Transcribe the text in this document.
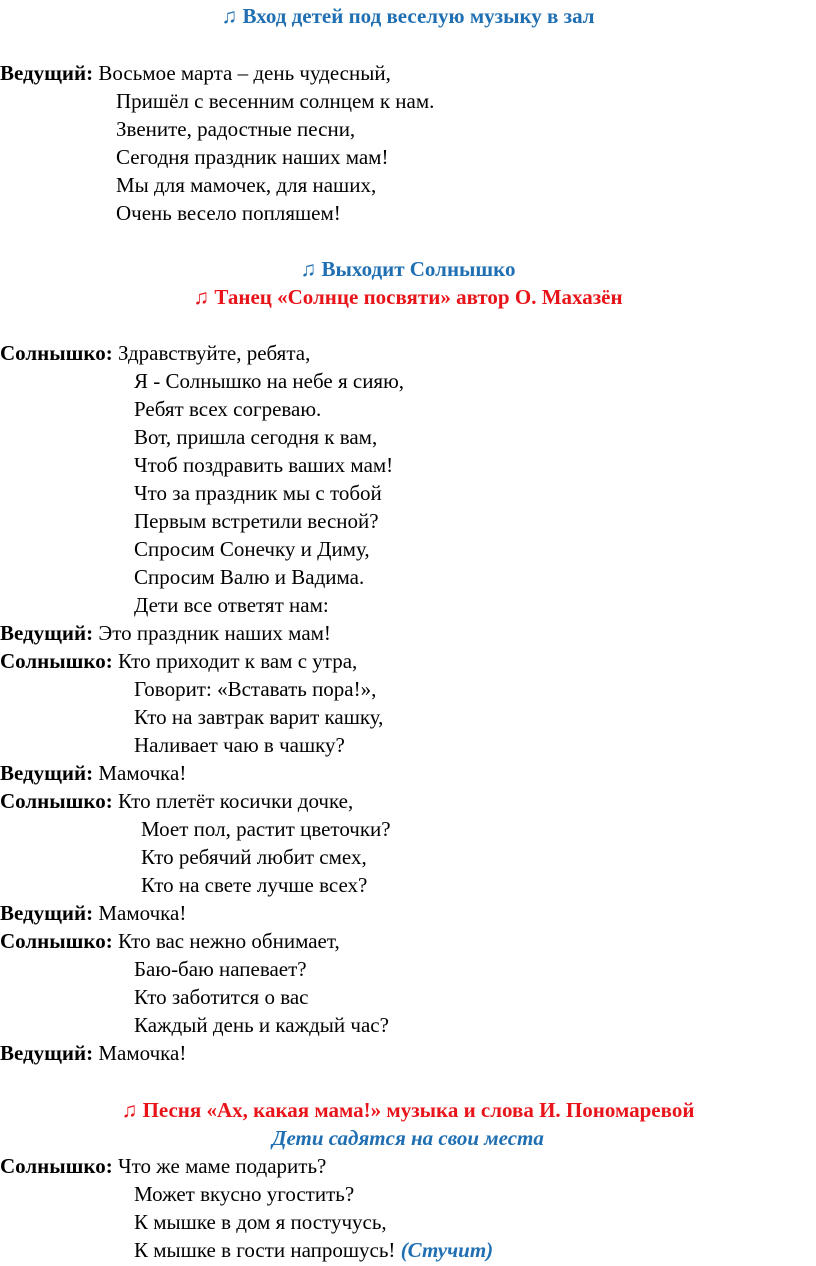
♫ Вход детей под веселую музыку в зал
Ведущий: Восьмое марта – день чудесный,
Пришёл с весенним солнцем к нам.
Звените, радостные песни,
Сегодня праздник наших мам!
Мы для мамочек, для наших,
Очень весело попляшем!
♫ Выходит Солнышко
♫ Танец «Солнце посвяти» автор О. Махазён
Солнышко: Здравствуйте, ребята,
Я - Солнышко на небе я сияю,
Ребят всех согреваю.
Вот, пришла сегодня к вам,
Чтоб поздравить ваших мам!
Что за праздник мы с тобой
Первым встретили весной?
Спросим Сонечку и Диму,
Спросим Валю и Вадима.
Дети все ответят нам:
Ведущий: Это праздник наших мам!
Солнышко: Кто приходит к вам с утра,
Говорит: «Вставать пора!»,
Кто на завтрак варит кашку,
Наливает чаю в чашку?
Ведущий: Мамочка!
Солнышко: Кто плетёт косички дочке,
Моет пол, растит цветочки?
Кто ребячий любит смех,
Кто на свете лучше всех?
Ведущий: Мамочка!
Солнышко: Кто вас нежно обнимает,
Баю-баю напевает?
Кто заботится о вас
Каждый день и каждый час?
Ведущий: Мамочка!
♫ Песня «Ах, какая мама!» музыка и слова И. Пономаревой
Дети садятся на свои места
Солнышко: Что же маме подарить?
Может вкусно угостить?
К мышке в дом я постучусь,
К мышке в гости напрошусь! (Стучит)
